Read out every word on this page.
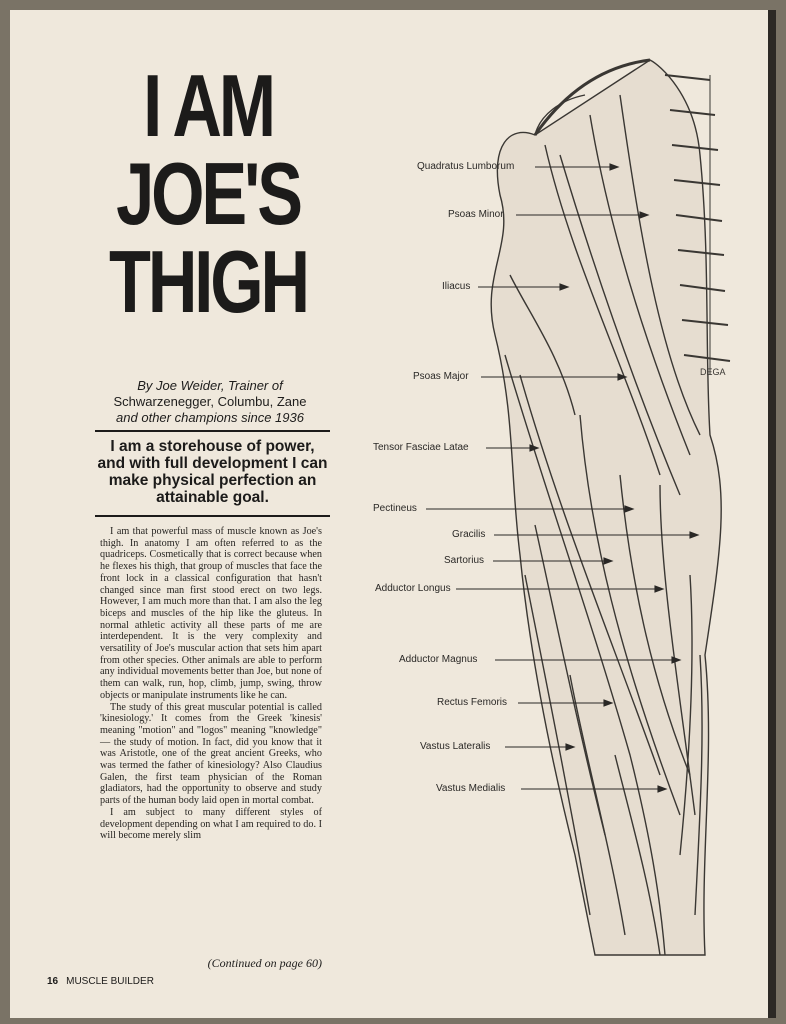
I AM
JOE'S
THIGH
By Joe Weider, Trainer of
Schwarzenegger, Columbu, Zane
and other champions since 1936
I am a storehouse of power, and with full development I can make physical perfection an attainable goal.

I am that powerful mass of muscle known as Joe's thigh. In anatomy I am often referred to as the quadriceps. Cosmetically that is correct because when he flexes his thigh, that group of muscles that face the front lock in a classical configuration that hasn't changed since man first stood erect on two legs. However, I am much more than that. I am also the leg biceps and muscles of the hip like the gluteus. In normal athletic activity all these parts of me are interdependent. It is the very complexity and versatility of Joe's muscular action that sets him apart from other species. Other animals are able to perform any individual movements better than Joe, but none of them can walk, run, hop, climb, jump, swing, throw objects or manipulate instruments like he can.

The study of this great muscular potential is called 'kinesiology.' It comes from the Greek 'kinesis' meaning "motion" and "logos" meaning "knowledge" — the study of motion. In fact, did you know that it was Aristotle, one of the great ancient Greeks, who was termed the father of kinesiology? Also Claudius Galen, the first team physician of the Roman gladiators, had the opportunity to observe and study parts of the human body laid open in mortal combat.

I am subject to many different styles of development depending on what I am required to do. I will become merely slim

(Continued on page 60)
16 MUSCLE BUILDER
DEGA
Quadratus Lumborum
Psoas Minor
Iliacus
Psoas Major
Tensor Fasciae Latae
Pectineus
Gracilis
Sartorius
Adductor Longus
Adductor Magnus
Rectus Femoris
Vastus Lateralis
Vastus Medialis
